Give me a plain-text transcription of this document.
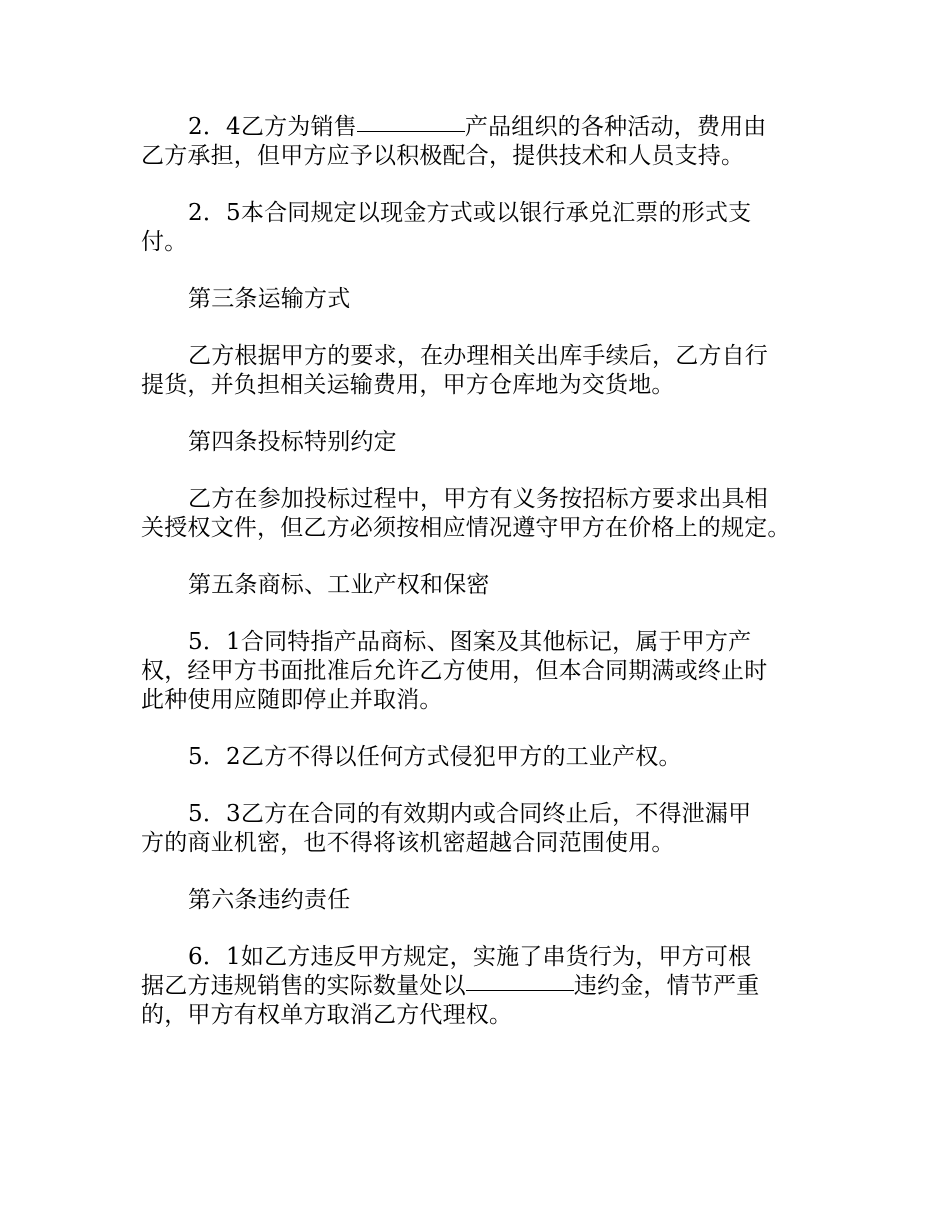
2．4乙方为销售	产品组织的各种活动，费用由
乙方承担，但甲方应予以积极配合，提供技术和人员支持。
2．5本合同规定以现金方式或以银行承兑汇票的形式支
付。
第三条运输方式
乙方根据甲方的要求，在办理相关出库手续后，乙方自行
提货，并负担相关运输费用，甲方仓库地为交货地。
第四条投标特别约定
乙方在参加投标过程中，甲方有义务按招标方要求出具相
关授权文件，但乙方必须按相应情况遵守甲方在价格上的规定。
第五条商标、工业产权和保密
5．1合同特指产品商标、图案及其他标记，属于甲方产
权，经甲方书面批准后允许乙方使用，但本合同期满或终止时
此种使用应随即停止并取消。
5．2乙方不得以任何方式侵犯甲方的工业产权。
5．3乙方在合同的有效期内或合同终止后，不得泄漏甲
方的商业机密，也不得将该机密超越合同范围使用。
第六条违约责任
6．1如乙方违反甲方规定，实施了串货行为，甲方可根
据乙方违规销售的实际数量处以	违约金，情节严重
的，甲方有权单方取消乙方代理权。
